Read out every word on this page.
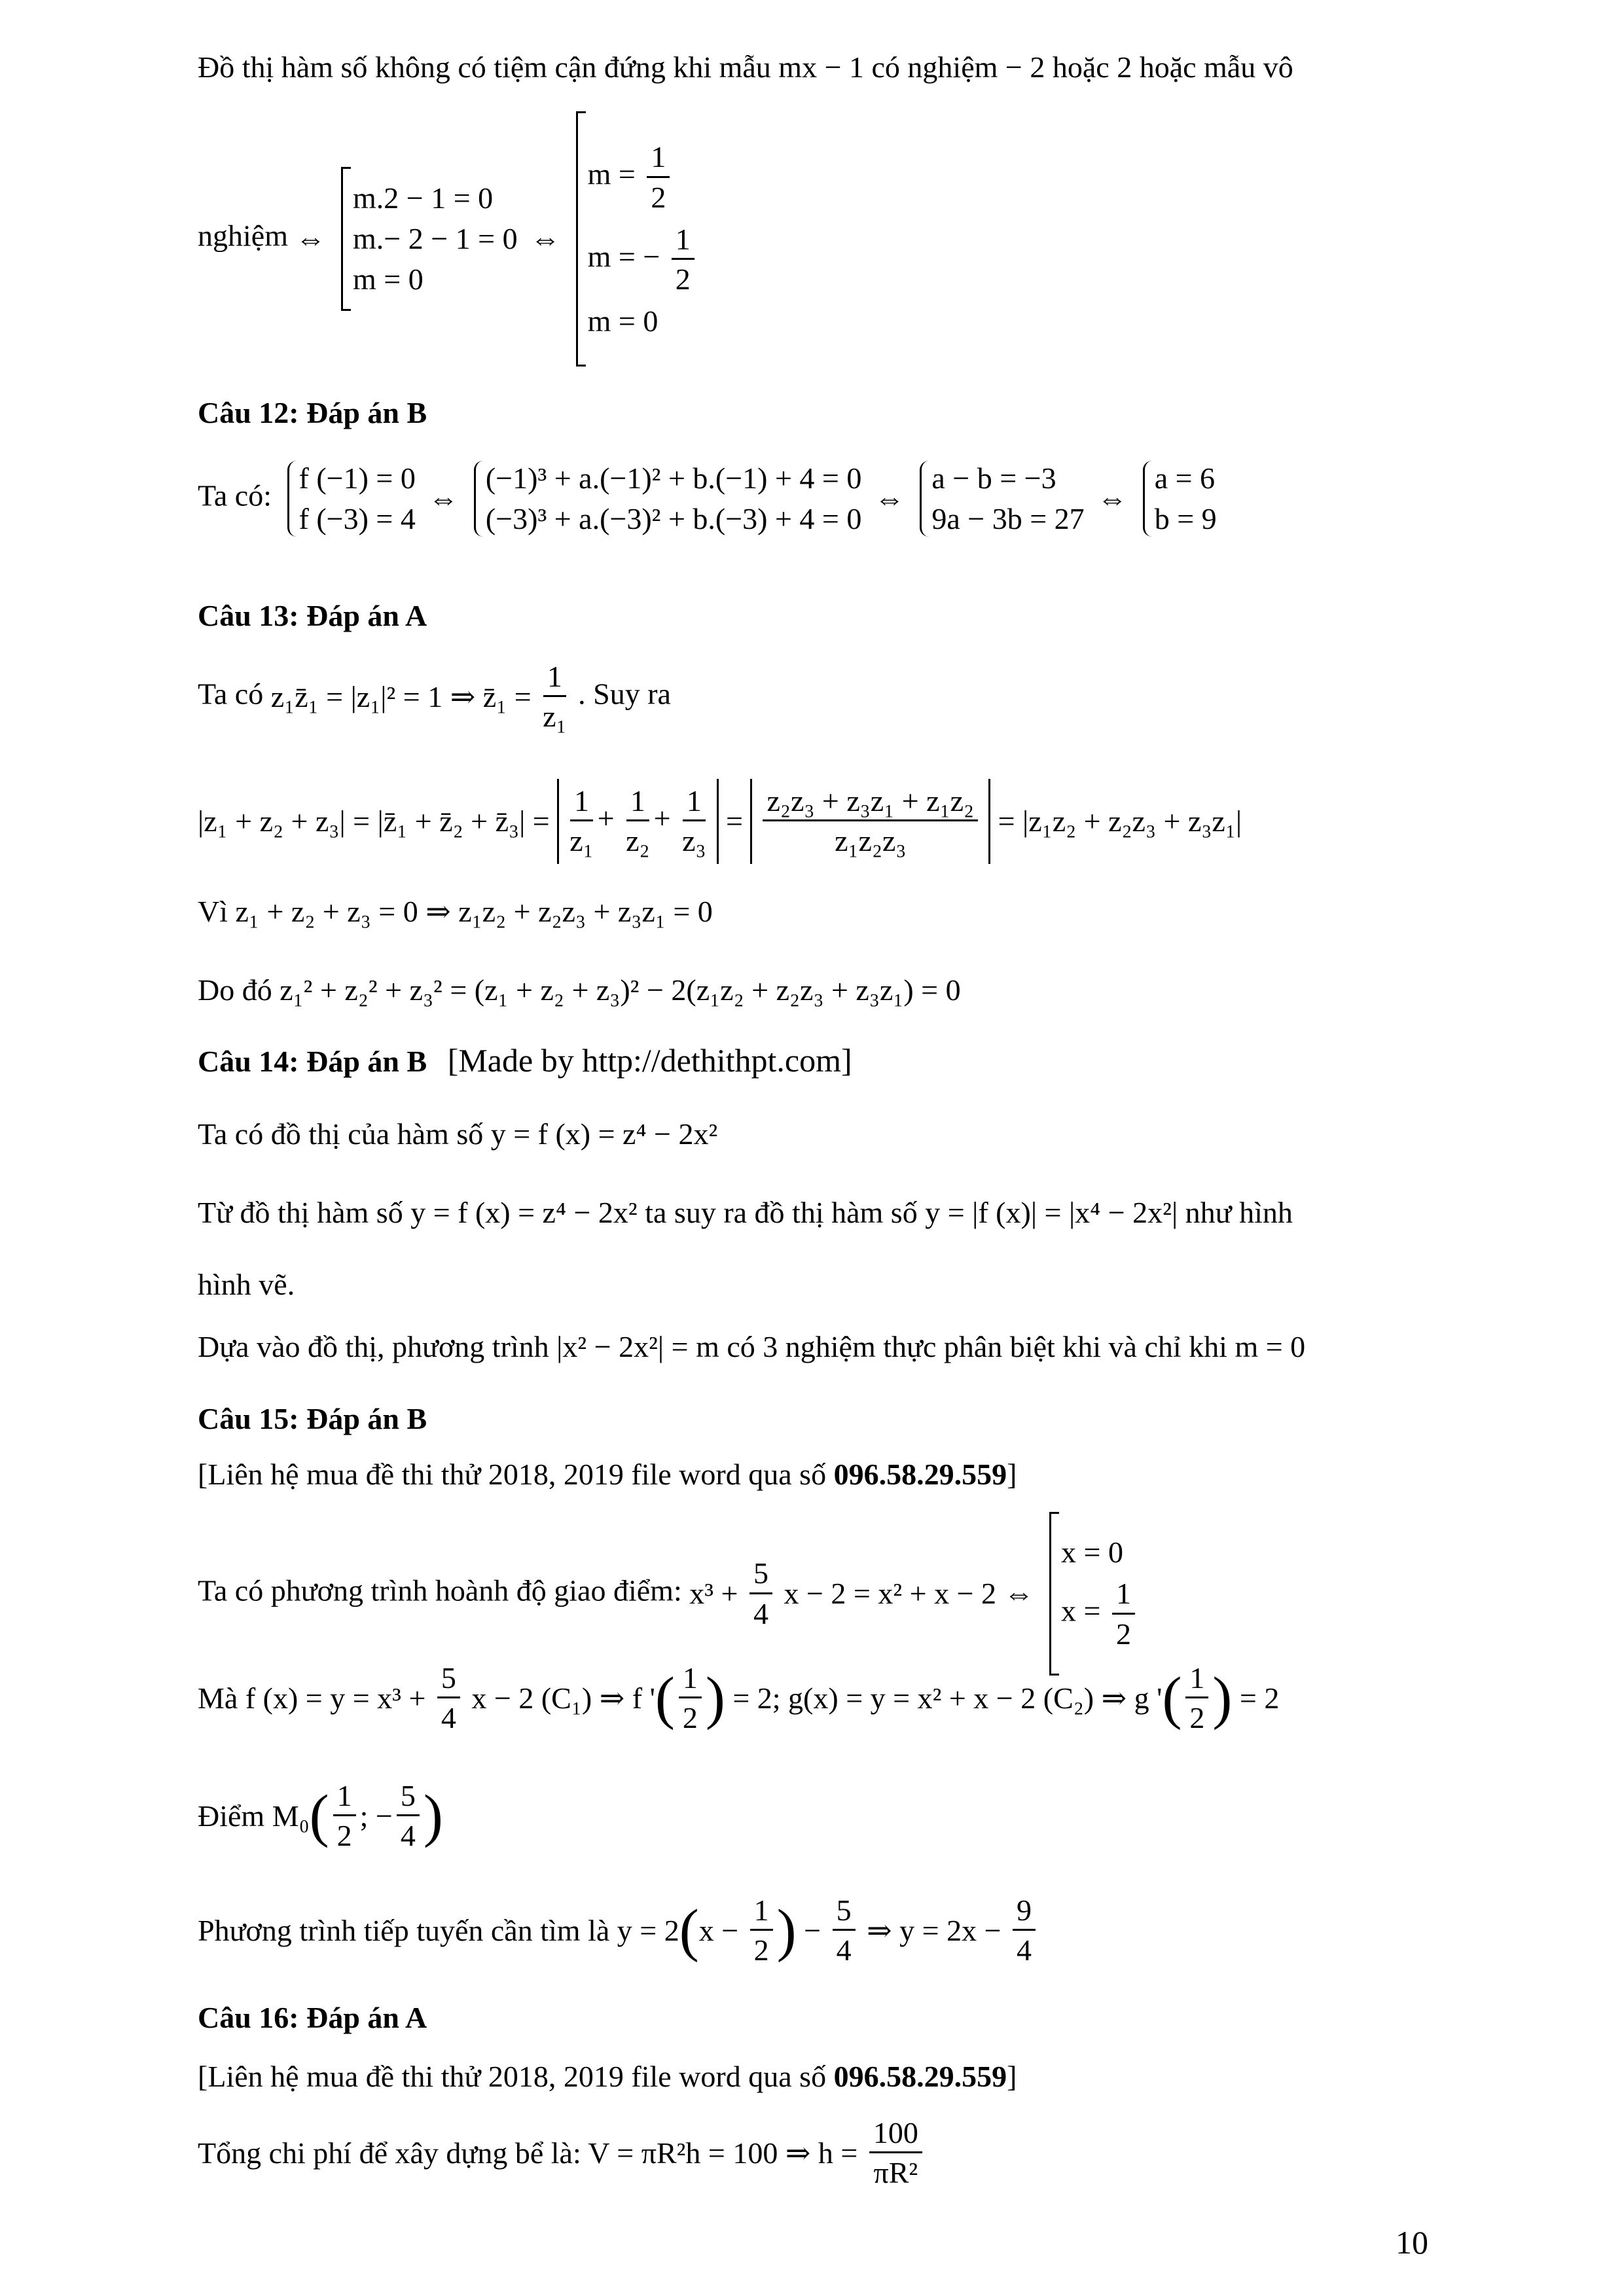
Đồ thị hàm số không có tiệm cận đứng khi mẫu mx − 1 có nghiệm − 2 hoặc 2 hoặc mẫu vô
nghiệm ⇔
m.2 − 1 = 0
m.− 2 − 1 = 0
m = 0
⇔
$m = \frac{1}{2}$
m = − $\frac{1}{2}$
m = 0
Câu 12: Đáp án B
Ta có:
f (−1) = 0
f (−3) = 4
⇔
(−1)³ + a.(−1)² + b.(−1) + 4 = 0
(−3)³ + a.(−3)² + b.(−3) + 4 = 0
⇔
a − b = −3
9a − 3b = 27
⇔
a = 6
b = 9
Câu 13: Đáp án A
Ta có z₁z̄₁ = |z₁|² = 1 ⇒ z̄₁ = $\frac{1}{\text{z₁}}$ . Suy ra
|z₁ + z₂ + z₃| = |z̄₁ + z̄₂ + z̄₃| = $\frac{1}{\text{z₁}} + \frac{1}{\text{z₂}} + \frac{1}{\text{z₃}} = \frac{\text{z₂z₃ + z₃z₁ + z₁z₂}}{\text{z₁z₂z₃}} = |z_1z_2 + z_2z_3 + z_3z_1|$
Vì z₁ + z₂ + z₃ = 0 ⇒ z₁z₂ + z₂z₃ + z₃z₁ = 0
Do đó z₁² + z₂² + z₃² = (z₁ + z₂ + z₃)² − 2(z₁z₂ + z₂z₃ + z₃z₁) = 0
Câu 14: Đáp án B [Made by http://dethithpt.com]
Ta có đồ thị của hàm số y = f (x) = z⁴ − 2x²
Từ đồ thị hàm số y = f (x) = z⁴ − 2x² ta suy ra đồ thị hàm số y = |f (x)| = |x⁴ − 2x²| như hình
hình vẽ.
Dựa vào đồ thị, phương trình |x² − 2x²| = m có 3 nghiệm thực phân biệt khi và chỉ khi m = 0
Câu 15: Đáp án B
[Liên hệ mua đề thi thử 2018, 2019 file word qua số 096.58.29.559]
Ta có phương trình hoành độ giao điểm: $x^3 + \frac{5}{4}$ x − 2 = x² + x − 2 ⇔
x = 0
$x = \frac{1}{2}$
Mà f $(x) = y = x^3 + \frac{5}{4}$ x − 2 (C₁) ⇒ f '( $\frac{1}{2}$ ) = 2; g(x) = y = x² + x − 2 (C₂) ⇒ g '( $\frac{1}{2}$ ) = 2
Điểm $M_0( \frac{1}{2}$ ; − $\frac{5}{4}$ )
Phương trình tiếp tuyến cần tìm là $y = 2(x - \frac{1}{2}$ ) − $\frac{5}{4}$ ⇒ $y = 2x - \frac{9}{4}$
Câu 16: Đáp án A
[Liên hệ mua đề thi thử 2018, 2019 file word qua số 096.58.29.559]
Tổng chi phí để xây dựng bể là: V = πR²h = 100 ⇒ $h = \frac{100}{\text{πR²}}$
10
